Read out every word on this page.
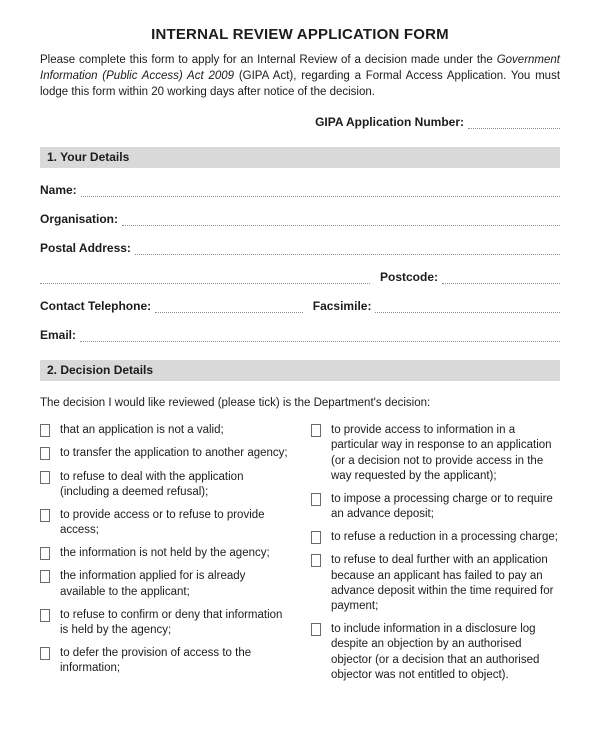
INTERNAL REVIEW APPLICATION FORM

Please complete this form to apply for an Internal Review of a decision made under the Government Information (Public Access) Act 2009 (GIPA Act), regarding a Formal Access Application. You must lodge this form within 20 working days after notice of the decision.

GIPA Application Number:
1. Your Details
Name:
Organisation:
Postal Address:
Postcode:
Contact Telephone:	Facsimile:
Email:
2. Decision Details
The decision I would like reviewed (please tick) is the Department's decision:
that an application is not a valid;
to transfer the application to another agency;
to refuse to deal with the application (including a deemed refusal);
to provide access or to refuse to provide access;
the information is not held by the agency;
the information applied for is already available to the applicant;
to refuse to confirm or deny that information is held by the agency;
to defer the provision of access to the information;
to provide access to information in a particular way in response to an application (or a decision not to provide access in the way requested by the applicant);
to impose a processing charge or to require an advance deposit;
to refuse a reduction in a processing charge;
to refuse to deal further with an application because an applicant has failed to pay an advance deposit within the time required for payment;
to include information in a disclosure log despite an objection by an authorised objector (or a decision that an authorised objector was not entitled to object).
